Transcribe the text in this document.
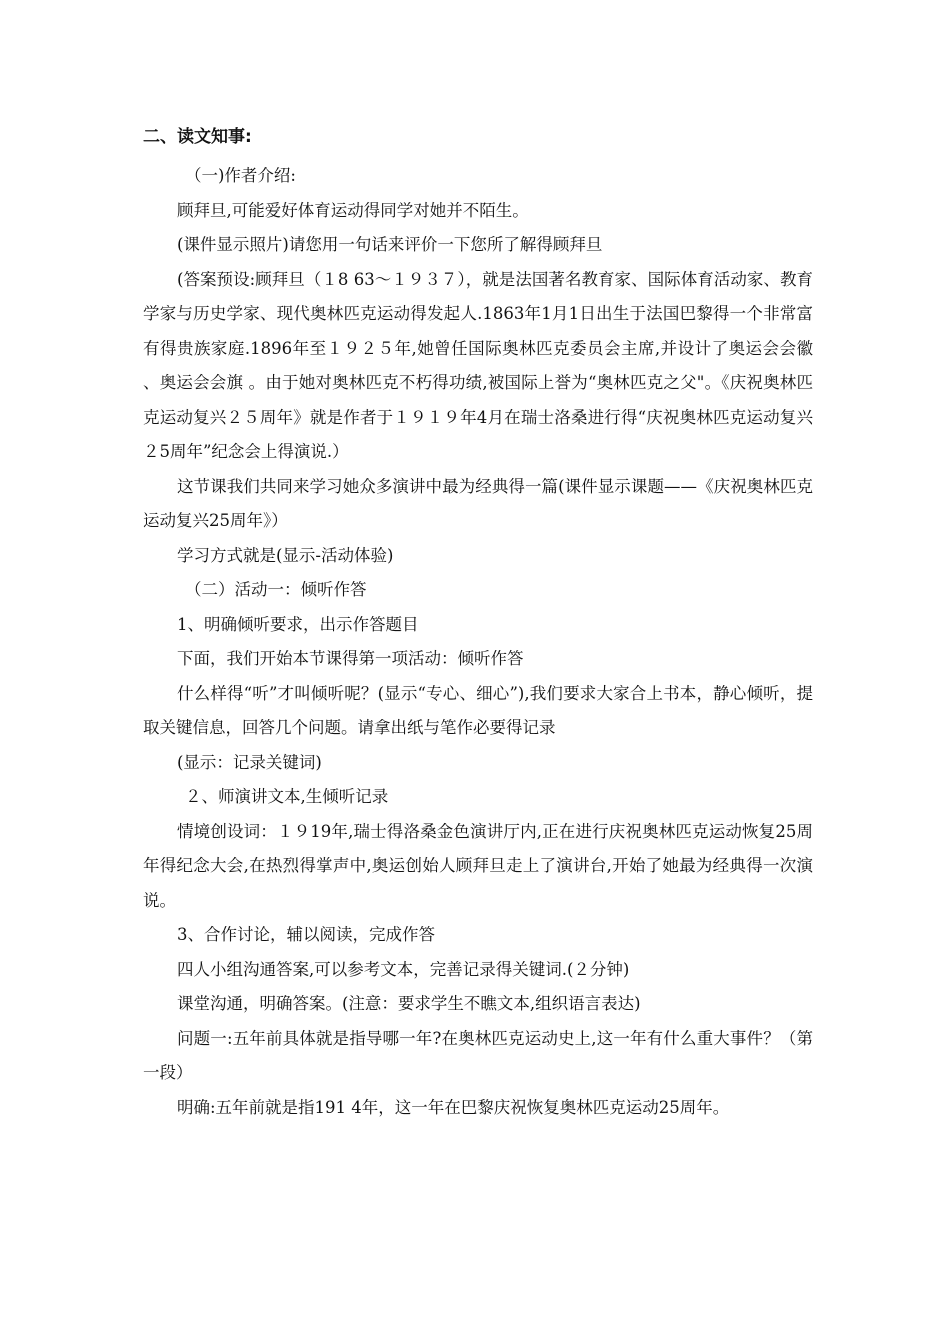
二、读文知事:

（一)作者介绍:

顾拜旦,可能爱好体育运动得同学对她并不陌生。

(课件显示照片)请您用一句话来评价一下您所了解得顾拜旦

(答案预设:顾拜旦（１8 63～１９３７），就是法国著名教育家、国际体育活动家、教育学家与历史学家、现代奥林匹克运动得发起人.1863年1月1日出生于法国巴黎得一个非常富有得贵族家庭.1896年至１９２５年,她曾任国际奥林匹克委员会主席,并设计了奥运会会徽 、奥运会会旗 。由于她对奥林匹克不朽得功绩,被国际上誉为“奥林匹克之父"。《庆祝奥林匹克运动复兴２５周年》就是作者于１９１９年4月在瑞士洛桑进行得“庆祝奥林匹克运动复兴２5周年”纪念会上得演说.）

这节课我们共同来学习她众多演讲中最为经典得一篇(课件显示课题——《庆祝奥林匹克运动复兴25周年》）

学习方式就是(显示-活动体验)

（二）活动一：倾听作答

1、明确倾听要求，出示作答题目

下面，我们开始本节课得第一项活动：倾听作答

什么样得“听”才叫倾听呢？(显示“专心、细心”),我们要求大家合上书本，静心倾听，提取关键信息，回答几个问题。请拿出纸与笔作必要得记录

(显示：记录关键词)

２、师演讲文本,生倾听记录

情境创设词：１９19年,瑞士得洛桑金色演讲厅内,正在进行庆祝奥林匹克运动恢复25周年得纪念大会,在热烈得掌声中,奥运创始人顾拜旦走上了演讲台,开始了她最为经典得一次演说。

3、合作讨论，辅以阅读，完成作答

四人小组沟通答案,可以参考文本，完善记录得关键词.(２分钟)

课堂沟通，明确答案。(注意：要求学生不瞧文本,组织语言表达)

问题一:五年前具体就是指导哪一年?在奥林匹克运动史上,这一年有什么重大事件？（第一段）

明确:五年前就是指191 4年，这一年在巴黎庆祝恢复奥林匹克运动25周年。
